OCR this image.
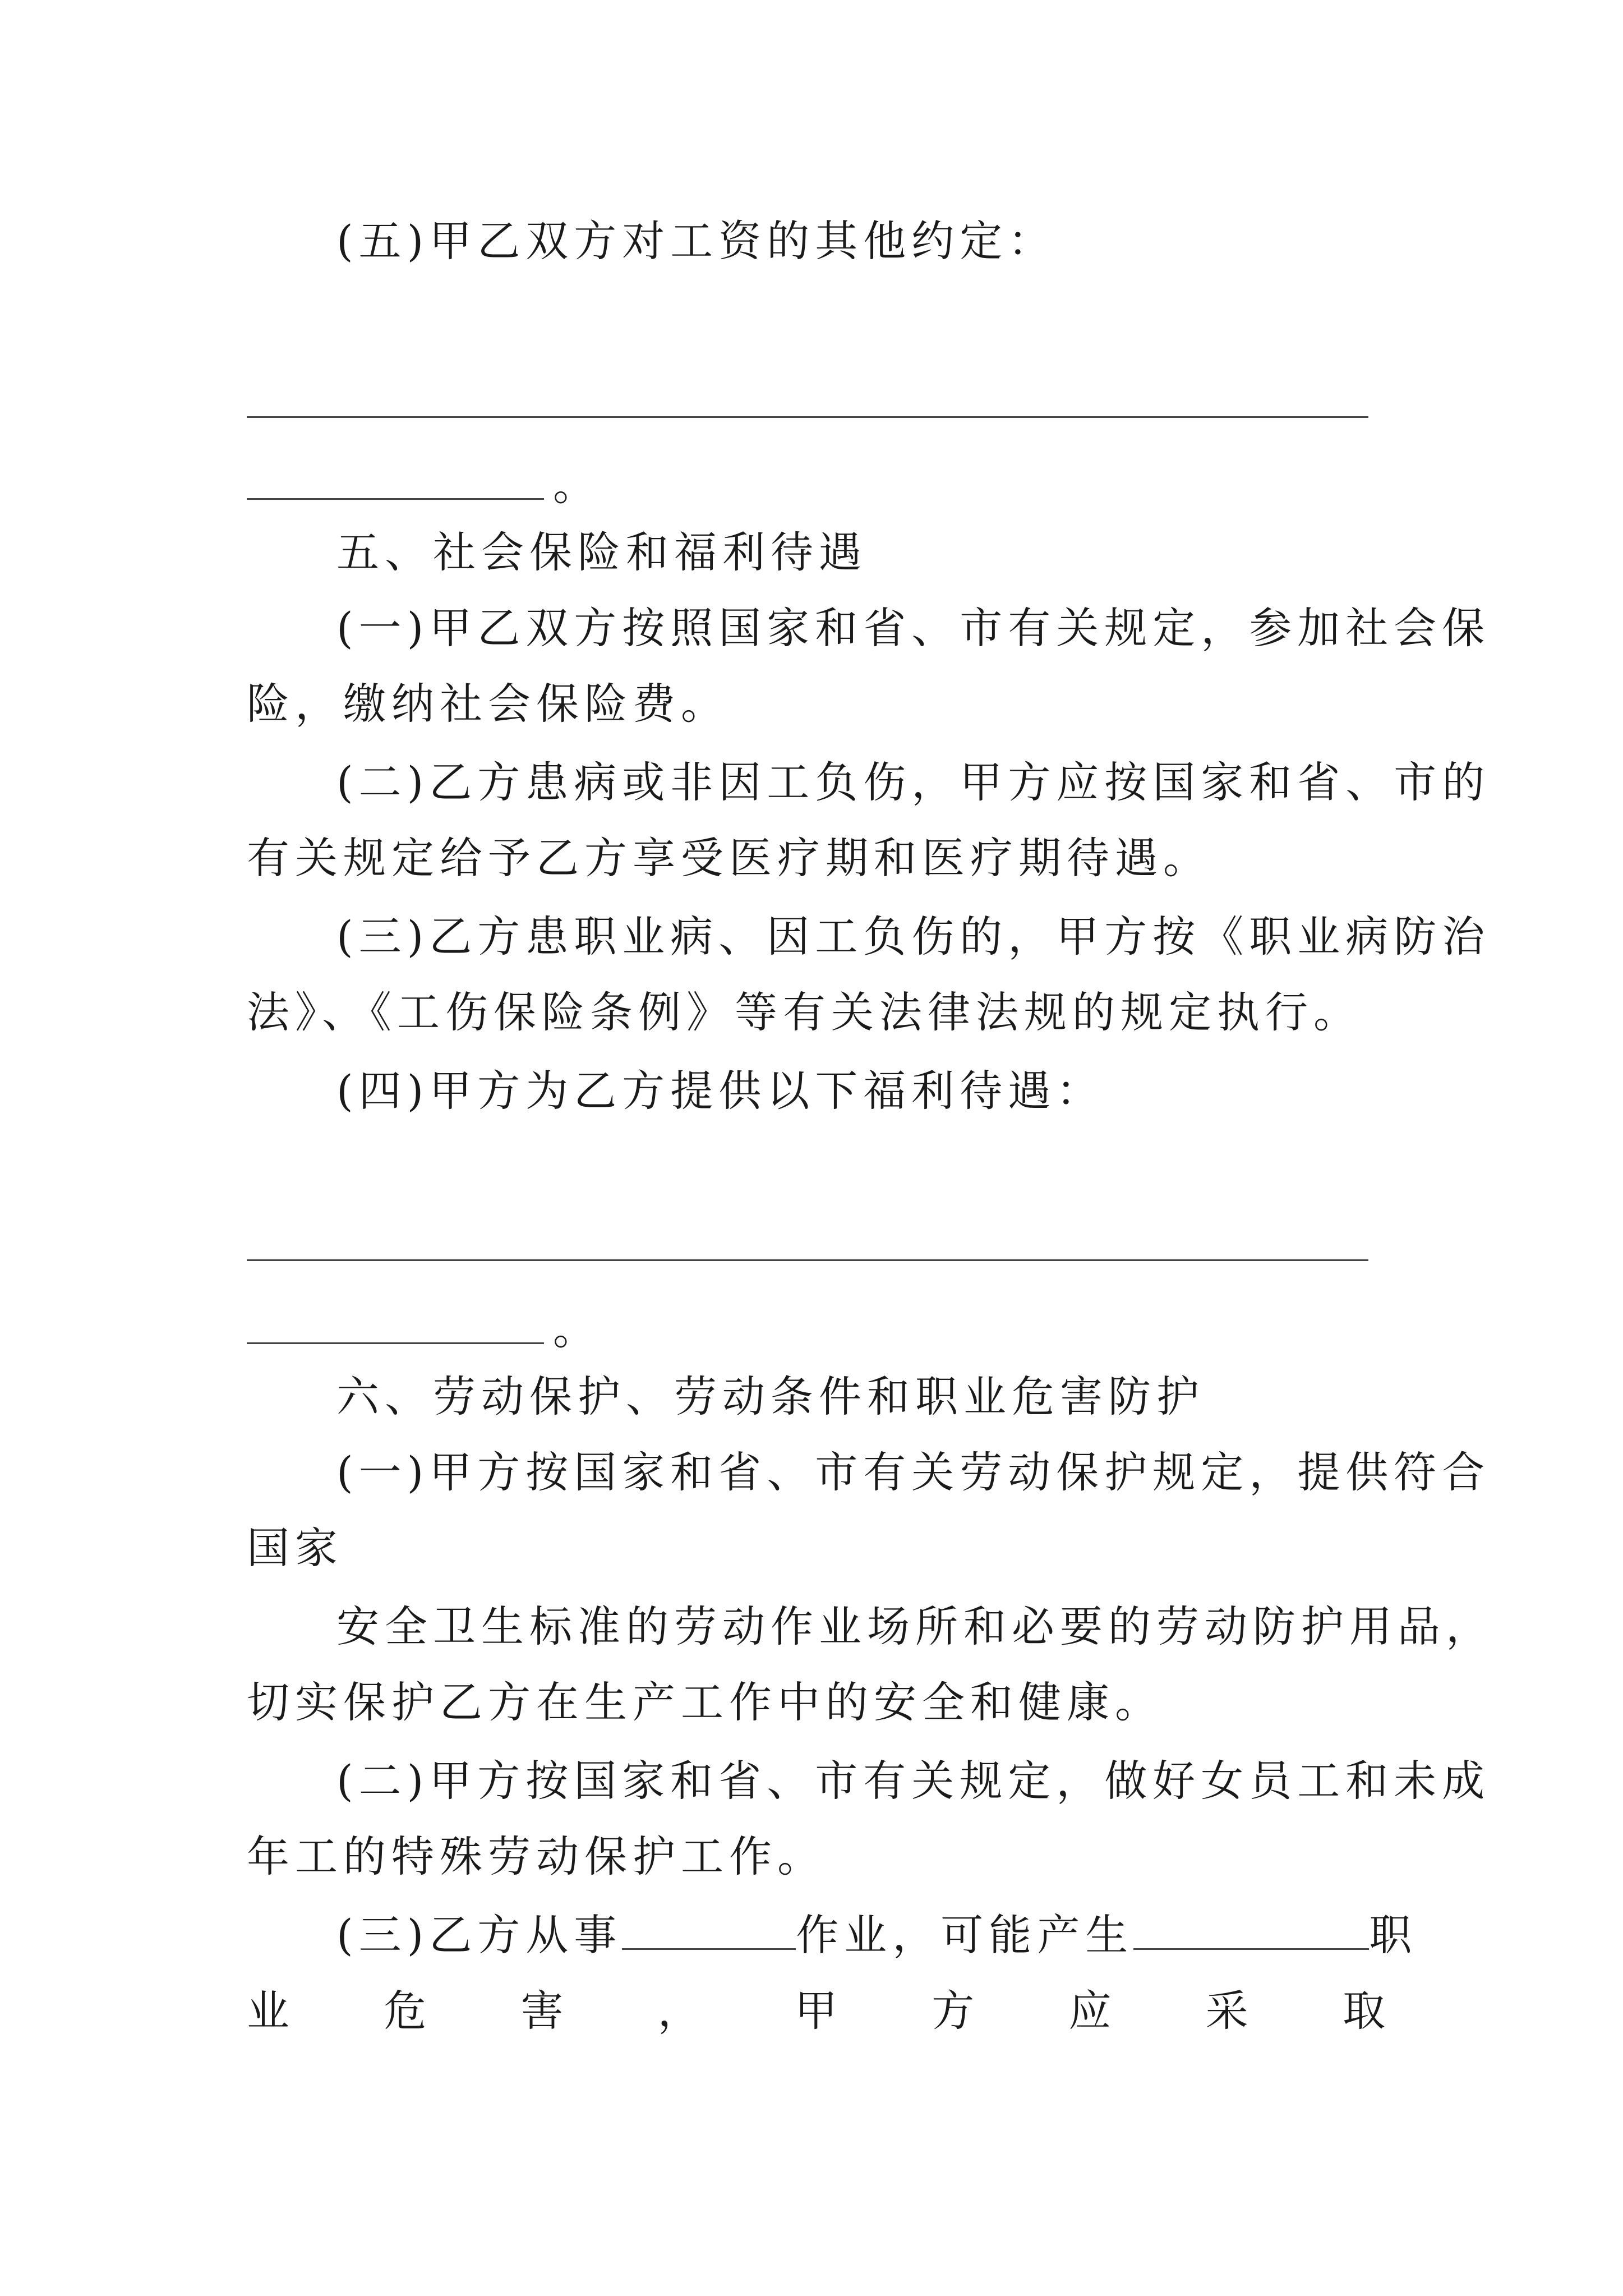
(五)甲乙双方对工资的其他约定：
。
五、社会保险和福利待遇
(一)甲乙双方按照国家和省、市有关规定，参加社会保
险，缴纳社会保险费。
(二)乙方患病或非因工负伤，甲方应按国家和省、市的
有关规定给予乙方享受医疗期和医疗期待遇。
(三)乙方患职业病、因工负伤的，甲方按《职业病防治
法》、《工伤保险条例》等有关法律法规的规定执行。
(四)甲方为乙方提供以下福利待遇：
。
六、劳动保护、劳动条件和职业危害防护
(一)甲方按国家和省、市有关劳动保护规定，提供符合
国家
安全卫生标准的劳动作业场所和必要的劳动防护用品，
切实保护乙方在生产工作中的安全和健康。
(二)甲方按国家和省、市有关规定，做好女员工和未成
年工的特殊劳动保护工作。
(三)乙方从事	作业，可能产生	职
业 危 害 ， 甲 方 应 采 取
